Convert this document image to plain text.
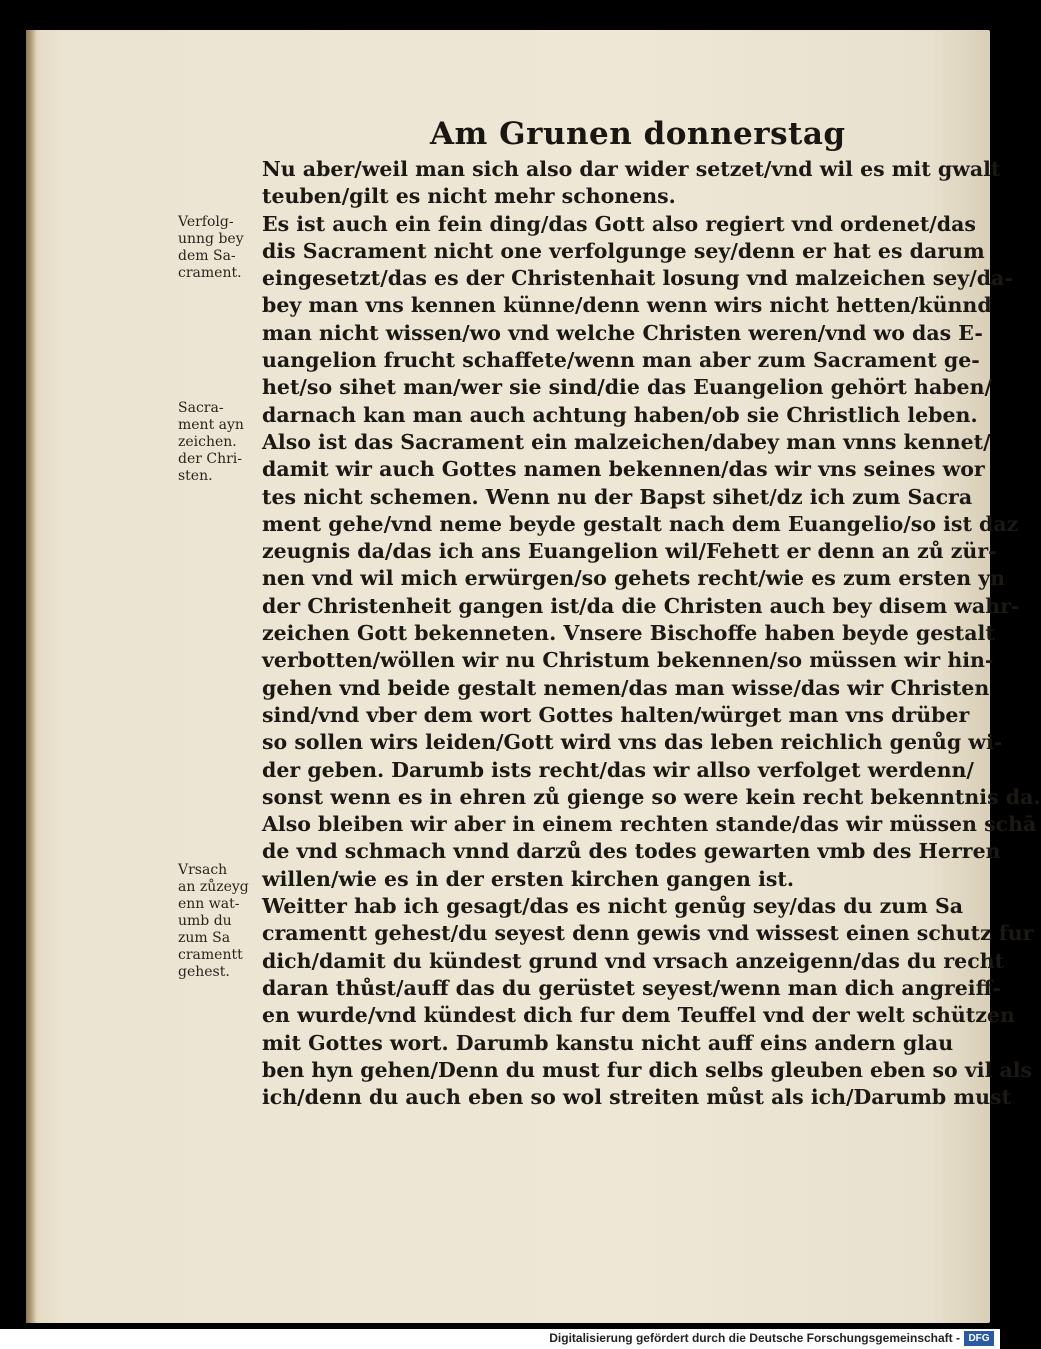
Am Grunen donnerstag
Nu aber/weil man sich also dar wider setzet/vnd wil es mit gwalt
teuben/gilt es nicht mehr schonens.
Es ist auch ein fein ding/das Gott also regiert vnd ordenet/das
dis Sacrament nicht one verfolgunge sey/denn er hat es darum
eingesetzt/das es der Christenhait losung vnd malzeichen sey/da-
bey man vns kennen künne/denn wenn wirs nicht hetten/künnd
man nicht wissen/wo vnd welche Christen weren/vnd wo das E-
uangelion frucht schaffete/wenn man aber zum Sacrament ge-
het/so sihet man/wer sie sind/die das Euangelion gehört haben/
darnach kan man auch achtung haben/ob sie Christlich leben.
Also ist das Sacrament ein malzeichen/dabey man vnns kennet/
damit wir auch Gottes namen bekennen/das wir vns seines wor
tes nicht schemen. Wenn nu der Bapst sihet/dz ich zum Sacra
ment gehe/vnd neme beyde gestalt nach dem Euangelio/so ist daz
zeugnis da/das ich ans Euangelion wil/Fehett er denn an zů zür-
nen vnd wil mich erwürgen/so gehets recht/wie es zum ersten yn
der Christenheit gangen ist/da die Christen auch bey disem wahr-
zeichen Gott bekenneten. Vnsere Bischoffe haben beyde gestalt
verbotten/wöllen wir nu Christum bekennen/so müssen wir hin-
gehen vnd beide gestalt nemen/das man wisse/das wir Christen
sind/vnd vber dem wort Gottes halten/würget man vns drüber
so sollen wirs leiden/Gott wird vns das leben reichlich genůg wi-
der geben. Darumb ists recht/das wir allso verfolget werdenn/
sonst wenn es in ehren zů gienge so were kein recht bekenntnis da.
Also bleiben wir aber in einem rechten stande/das wir müssen schā
de vnd schmach vnnd darzů des todes gewarten vmb des Herren
willen/wie es in der ersten kirchen gangen ist.
Weitter hab ich gesagt/das es nicht genůg sey/das du zum Sa
cramentt gehest/du seyest denn gewis vnd wissest einen schutz fur
dich/damit du kündest grund vnd vrsach anzeigenn/das du recht
daran thůst/auff das du gerüstet seyest/wenn man dich angreiff-
en wurde/vnd kündest dich fur dem Teuffel vnd der welt schützen
mit Gottes wort. Darumb kanstu nicht auff eins andern glau
ben hyn gehen/Denn du must fur dich selbs gleuben eben so vil als
ich/denn du auch eben so wol streiten můst als ich/Darumb must
Verfolg-
unng bey
dem Sa-
crament.
Sacra-
ment ayn
zeichen.
der Chri-
sten.
Vrsach
an zůzeyg
enn wat-
umb du
zum Sa
cramentt
gehest.
Digitalisierung gefördert durch die Deutsche Forschungsgemeinschaft - DFG
